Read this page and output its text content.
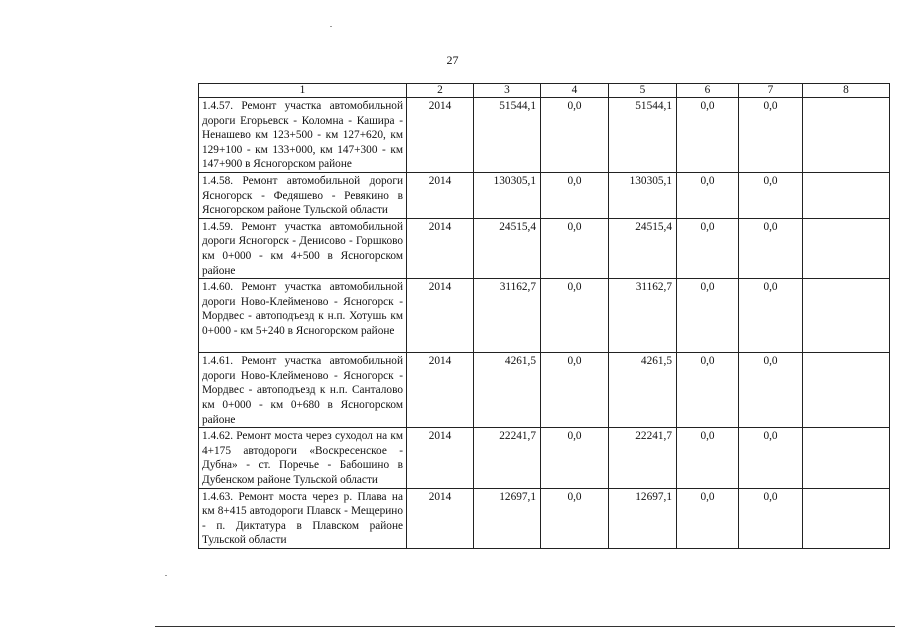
27
1	2	3	4	5	6	7	8
1.4.57. Ремонт участка автомобильной дороги Егорьевск - Коломна - Кашира - Ненашево км 123+500 - км 127+620, км 129+100 - км 133+000, км 147+300 - км 147+900 в Ясногорском районе	2014	51544,1	0,0	51544,1	0,0	0,0	
1.4.58. Ремонт автомобильной дороги Ясногорск - Федяшево - Ревякино в Ясногорском районе Тульской области	2014	130305,1	0,0	130305,1	0,0	0,0	
1.4.59. Ремонт участка автомобильной дороги Ясногорск - Денисово - Горшково км 0+000 - км 4+500 в Ясногорском районе	2014	24515,4	0,0	24515,4	0,0	0,0	
1.4.60. Ремонт участка автомобильной дороги Ново-Клейменово - Ясногорск - Мордвес - автоподъезд к н.п. Хотушь км 0+000 - км 5+240 в Ясногорском районе	2014	31162,7	0,0	31162,7	0,0	0,0	
1.4.61. Ремонт участка автомобильной дороги Ново-Клейменово - Ясногорск - Мордвес - автоподъезд к н.п. Санталово км 0+000 - км 0+680 в Ясногорском районе	2014	4261,5	0,0	4261,5	0,0	0,0	
1.4.62. Ремонт моста через суходол на км 4+175 автодороги «Воскресенское - Дубна» - ст. Поречье - Бабошино в Дубенском районе Тульской области	2014	22241,7	0,0	22241,7	0,0	0,0	
1.4.63. Ремонт моста через р. Плава на км 8+415 автодороги Плавск - Мещерино - п. Диктатура в Плавском районе Тульской области	2014	12697,1	0,0	12697,1	0,0	0,0	
